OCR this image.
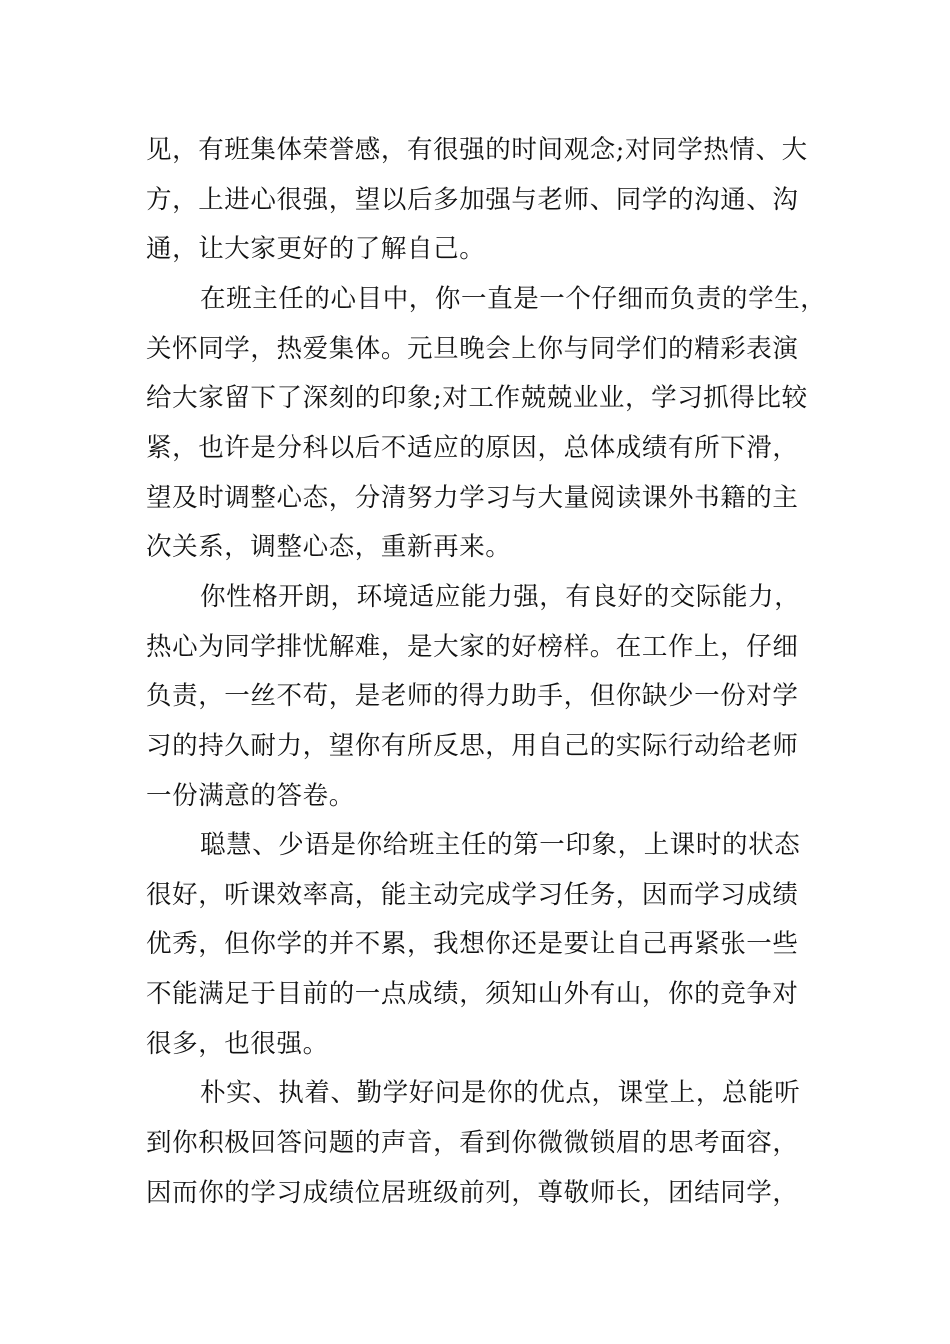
见，有班集体荣誉感，有很强的时间观念;对同学热情、大
方，上进心很强，望以后多加强与老师、同学的沟通、沟
通，让大家更好的了解自己。
在班主任的心目中，你一直是一个仔细而负责的学生，
关怀同学，热爱集体。元旦晚会上你与同学们的精彩表演
给大家留下了深刻的印象;对工作兢兢业业，学习抓得比较
紧，也许是分科以后不适应的原因，总体成绩有所下滑，
望及时调整心态，分清努力学习与大量阅读课外书籍的主
次关系，调整心态，重新再来。
你性格开朗，环境适应能力强，有良好的交际能力，
热心为同学排忧解难，是大家的好榜样。在工作上，仔细
负责，一丝不苟，是老师的得力助手，但你缺少一份对学
习的持久耐力，望你有所反思，用自己的实际行动给老师
一份满意的答卷。
聪慧、少语是你给班主任的第一印象，上课时的状态
很好，听课效率高，能主动完成学习任务，因而学习成绩
优秀，但你学的并不累，我想你还是要让自己再紧张一些
不能满足于目前的一点成绩，须知山外有山，你的竞争对
很多，也很强。
朴实、执着、勤学好问是你的优点，课堂上，总能听
到你积极回答问题的声音，看到你微微锁眉的思考面容，
因而你的学习成绩位居班级前列，尊敬师长，团结同学，
